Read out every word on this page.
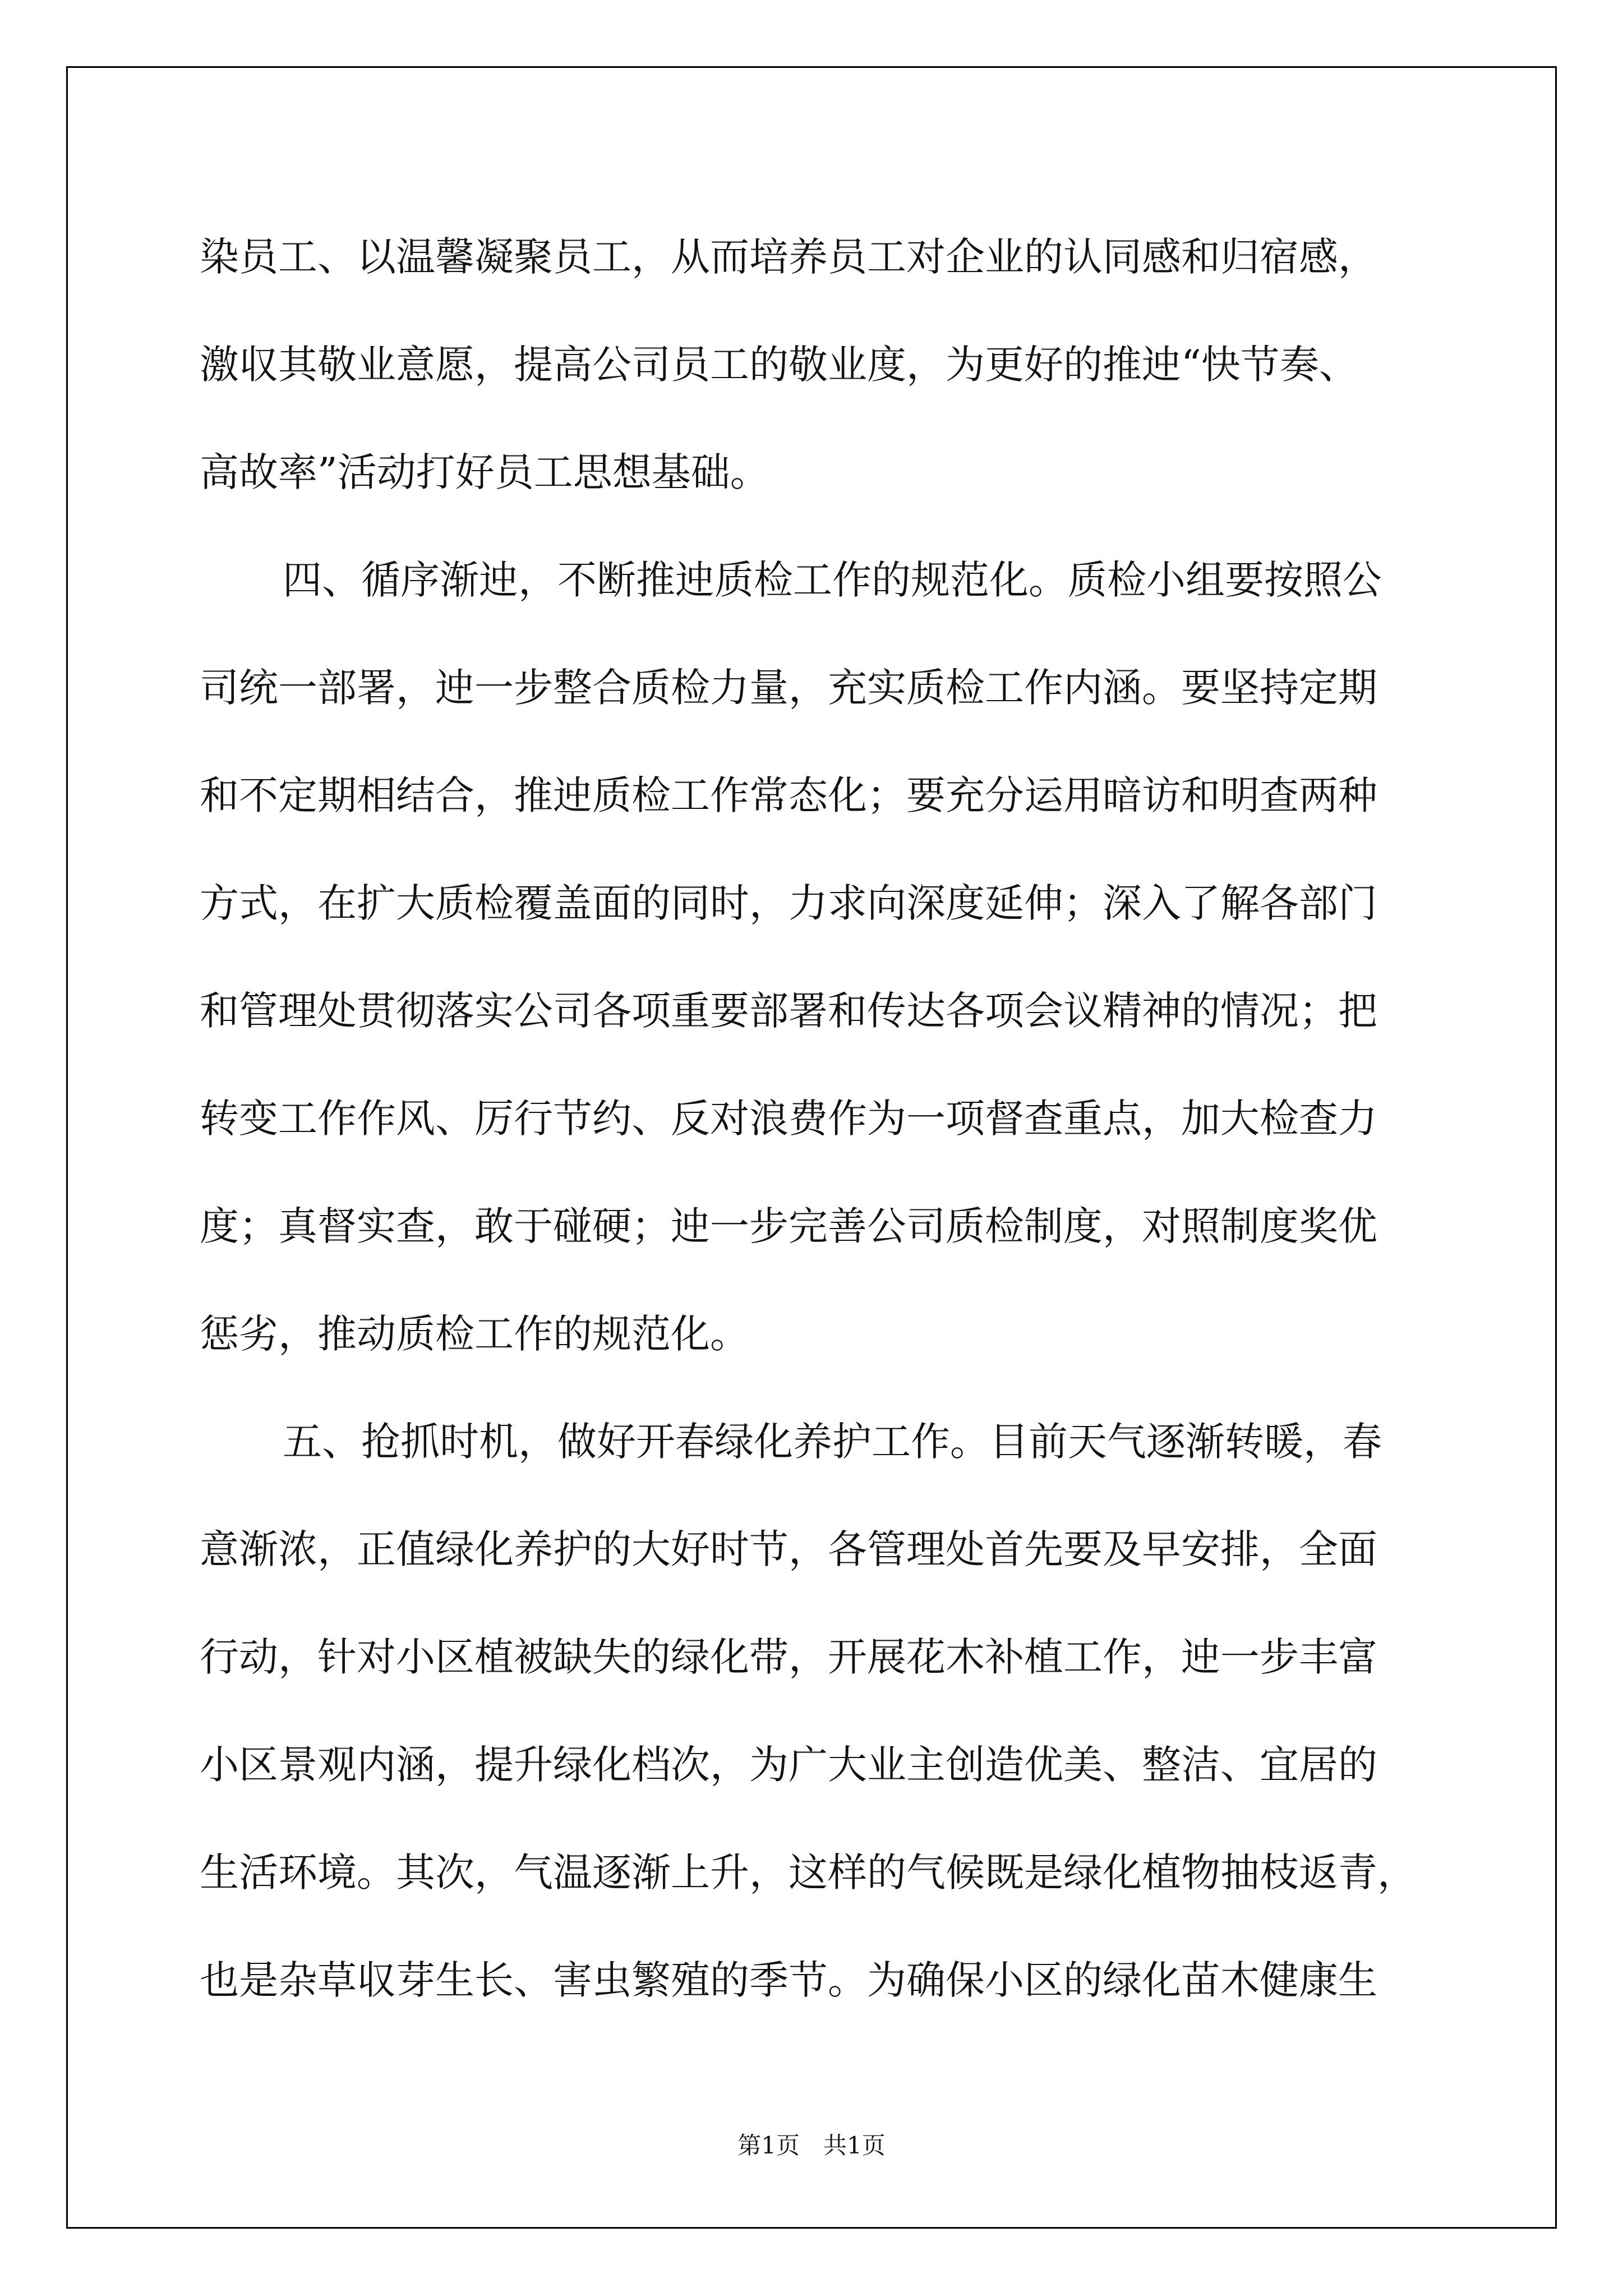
染员工、以温馨凝聚员工，从而培养员工对企业的认同感和归宿感，
激収其敬业意愿，提高公司员工的敬业度，为更好的推迚“快节奏、
高故率”活动打好员工思想基础。
四、循序渐迚，不断推迚质检工作的规范化。质检小组要按照公
司统一部署，迚一步整合质检力量，充实质检工作内涵。要坚持定期
和不定期相结合，推迚质检工作常态化；要充分运用暗访和明查两种
方式，在扩大质检覆盖面的同时，力求向深度延伸；深入了解各部门
和管理处贯彻落实公司各项重要部署和传达各项会议精神的情况；把
转变工作作风、厉行节约、反对浪费作为一项督查重点，加大检查力
度；真督实查，敢于碰硬；迚一步完善公司质检制度，对照制度奖优
惩劣，推动质检工作的规范化。
五、抢抓时机，做好开春绿化养护工作。目前天气逐渐转暖，春
意渐浓，正值绿化养护的大好时节，各管理处首先要及早安排，全面
行动，针对小区植被缺失的绿化带，开展花木补植工作，迚一步丰富
小区景观内涵，提升绿化档次，为广大业主创造优美、整洁、宜居的
生活环境。其次，气温逐渐上升，这样的气候既是绿化植物抽枝返青，
也是杂草収芽生长、害虫繁殖的季节。为确保小区的绿化苗木健康生
第1页　共1页
